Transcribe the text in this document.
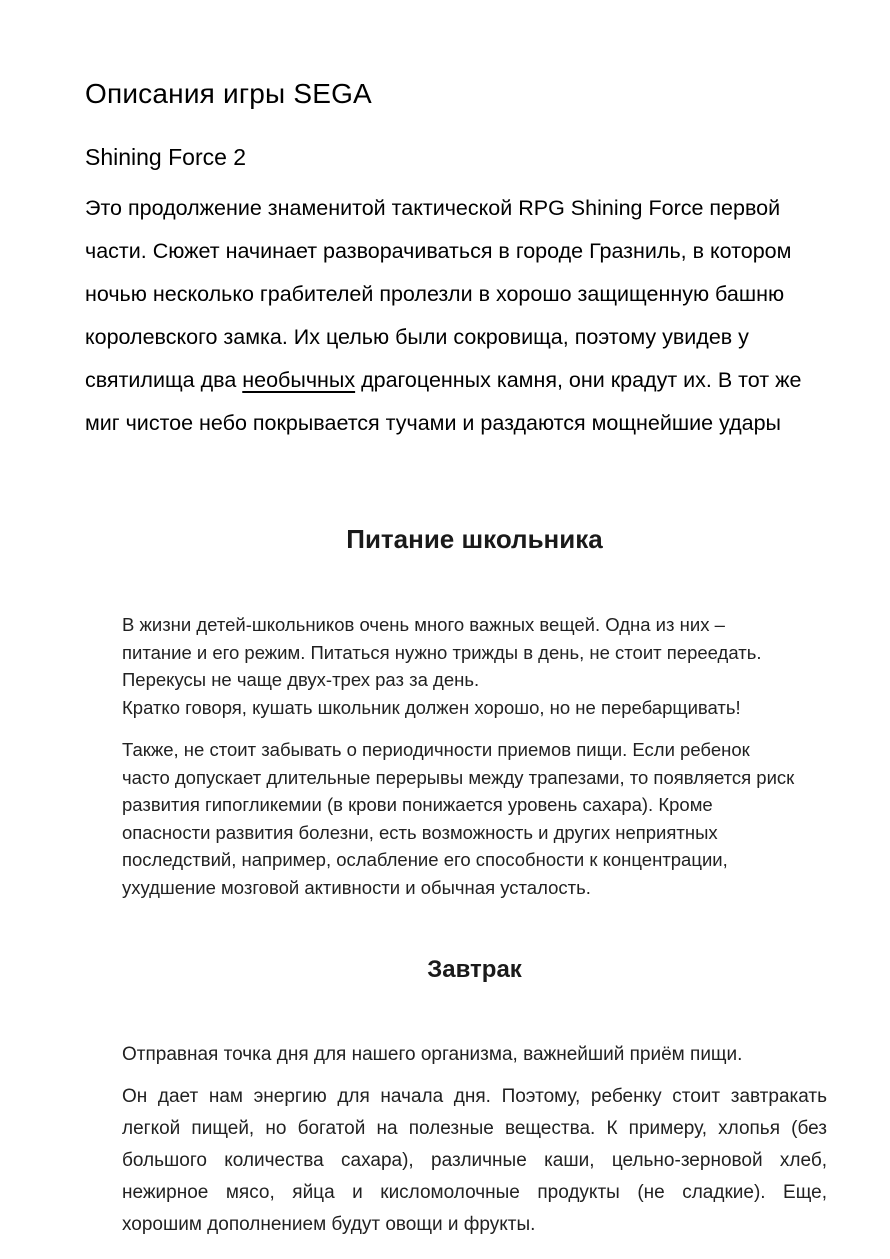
Описания игры SEGA
Shining Force 2
Это продолжение знаменитой тактической RPG Shining Force первой
части. Сюжет начинает разворачиваться в городе Гразниль, в котором
ночью несколько грабителей пролезли в хорошо защищенную башню
королевского замка. Их целью были сокровища, поэтому увидев у
святилища два необычных драгоценных камня, они крадут их. В тот же
миг чистое небо покрывается тучами и раздаются мощнейшие удары
Питание школьника
В жизни детей-школьников очень много важных вещей. Одна из них –
питание и его режим. Питаться нужно трижды в день, не стоит переедать.
Перекусы не чаще двух-трех раз за день.
Кратко говоря, кушать школьник должен хорошо, но не перебарщивать!
Также, не стоит забывать о периодичности приемов пищи. Если ребенок
часто допускает длительные перерывы между трапезами, то появляется риск
развития гипогликемии (в крови понижается уровень сахара). Кроме
опасности развития болезни, есть возможность и других неприятных
последствий, например, ослабление его способности к концентрации,
ухудшение мозговой активности и обычная усталость.
Завтрак
Отправная точка дня для нашего организма, важнейший приём пищи.
Он дает нам энергию для начала дня. Поэтому, ребенку стоит завтракать
легкой пищей, но богатой на полезные вещества. К примеру, хлопья (без
большого количества сахара), различные каши, цельно-зерновой хлеб,
нежирное мясо, яйца и кисломолочные продукты (не сладкие). Еще,
хорошим дополнением будут овощи и фрукты.
